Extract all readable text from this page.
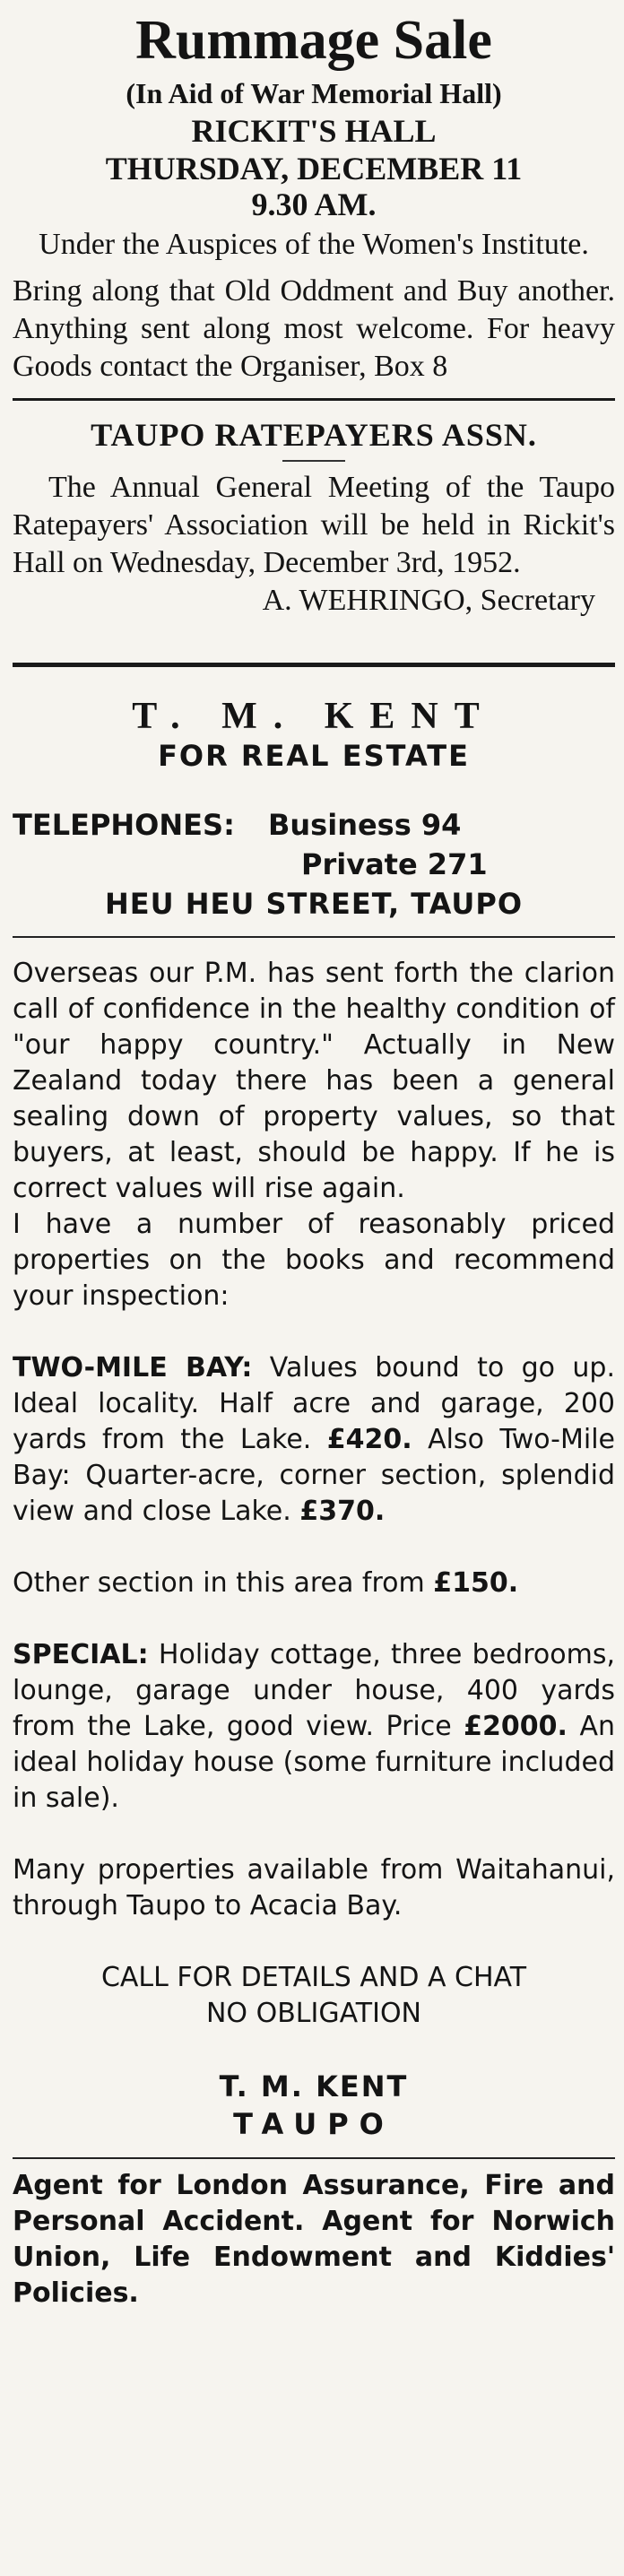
Rummage Sale
(In Aid of War Memorial Hall)
RICKIT'S HALL
THURSDAY, DECEMBER 11
9.30 AM.
Under the Auspices of the Women's Institute.
Bring along that Old Oddment and Buy another. Anything sent along most welcome. For heavy Goods contact the Organiser, Box 8
TAUPO RATEPAYERS ASSN.
The Annual General Meeting of the Taupo Ratepayers' Association will be held in Rickit's Hall on Wednesday, December 3rd, 1952.
A. WEHRINGO, Secretary
T. M. KENT
FOR REAL ESTATE
TELEPHONES: Business 94
Private 271
HEU HEU STREET, TAUPO

Overseas our P.M. has sent forth the clarion call of confidence in the healthy condition of "our happy country." Actually in New Zealand today there has been a general sealing down of property values, so that buyers, at least, should be happy. If he is correct values will rise again.

I have a number of reasonably priced properties on the books and recommend your inspection:

TWO-MILE BAY: Values bound to go up. Ideal locality. Half acre and garage, 200 yards from the Lake. £420. Also Two-Mile Bay: Quarter-acre, corner section, splendid view and close Lake. £370.

Other section in this area from £150.

SPECIAL: Holiday cottage, three bedrooms, lounge, garage under house, 400 yards from the Lake, good view. Price £2000. An ideal holiday house (some furniture included in sale).

Many properties available from Waitahanui, through Taupo to Acacia Bay.

CALL FOR DETAILS AND A CHAT
NO OBLIGATION
T. M. KENT
TAUPO

Agent for London Assurance, Fire and Personal Accident. Agent for Norwich Union, Life Endowment and Kiddies' Policies.
